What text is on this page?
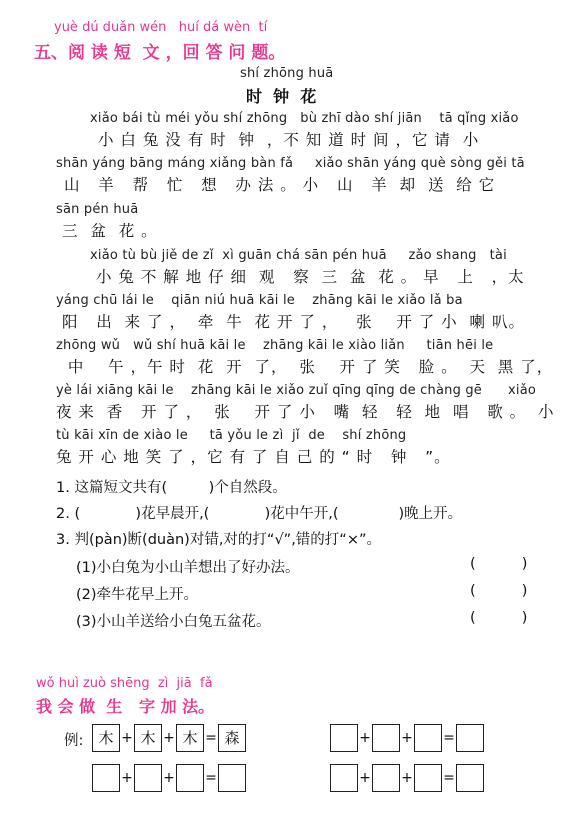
yuè dú duǎn wén   huí dá wèn  tí
五、阅 读 短  文 ，回 答 问 题。
shí zhōng huā
时  钟  花
xiǎo bái tù méi yǒu shí zhōng   bù zhī dào shí jiān    tā qǐng xiǎo
小 白 兔 没 有 时  钟  ，不 知 道 时 间 ，它 请  小
shān yáng bāng máng xiǎng bàn fǎ     xiǎo shān yáng què sòng gěi tā
山   羊   帮   忙   想   办 法 。 小   山   羊  却  送  给 它
sān pén huā
三  盆  花 。
xiǎo tù bù jiě de zǐ  xì guān chá sān pén huā     zǎo shang   tài
小 兔 不 解 地 仔 细  观   察  三  盆  花 。 早   上   ，太
yáng chū lái le    qiān niú huā kāi le    zhāng kāi le xiǎo lǎ ba
阳   出  来 了 ，  牵  牛  花 开 了 ，   张    开 了 小  喇 叭。
zhōng wǔ   wǔ shí huā kāi le    zhāng kāi le xiào liǎn     tiān hēi le
中    午 ，午 时  花  开  了，  张    开 了 笑   脸 。  天  黑 了，
yè lái xiāng kāi le    zhāng kāi le xiǎo zuǐ qīng qīng de chàng gē      xiǎo
夜 来  香   开 了 ，  张    开 了 小   嘴  轻   轻  地  唱   歌 。  小
tù kāi xīn de xiào le     tā yǒu le zì  jǐ  de    shí zhōng
兔 开 心 地 笑 了 ，它 有 了 自 己 的 “ 时   钟   ”。
1. 这篇短文共有(         )个自然段。
2. (            )花早晨开,(            )花中午开,(             )晚上开。
3. 判(pàn)断(duàn)对错,对的打“√”,错的打“×”。
(1)小白兔为小山羊想出了好办法。	(          )
(2)牵牛花早上开。	(          )
(3)小山羊送给小白兔五盆花。	(          )
wǒ huì zuò shēng  zì  jiā  fǎ
我 会 做  生   字 加 法。
例:	木 + 木 + 木 = 森	+ + =
+ + =	+ + =
